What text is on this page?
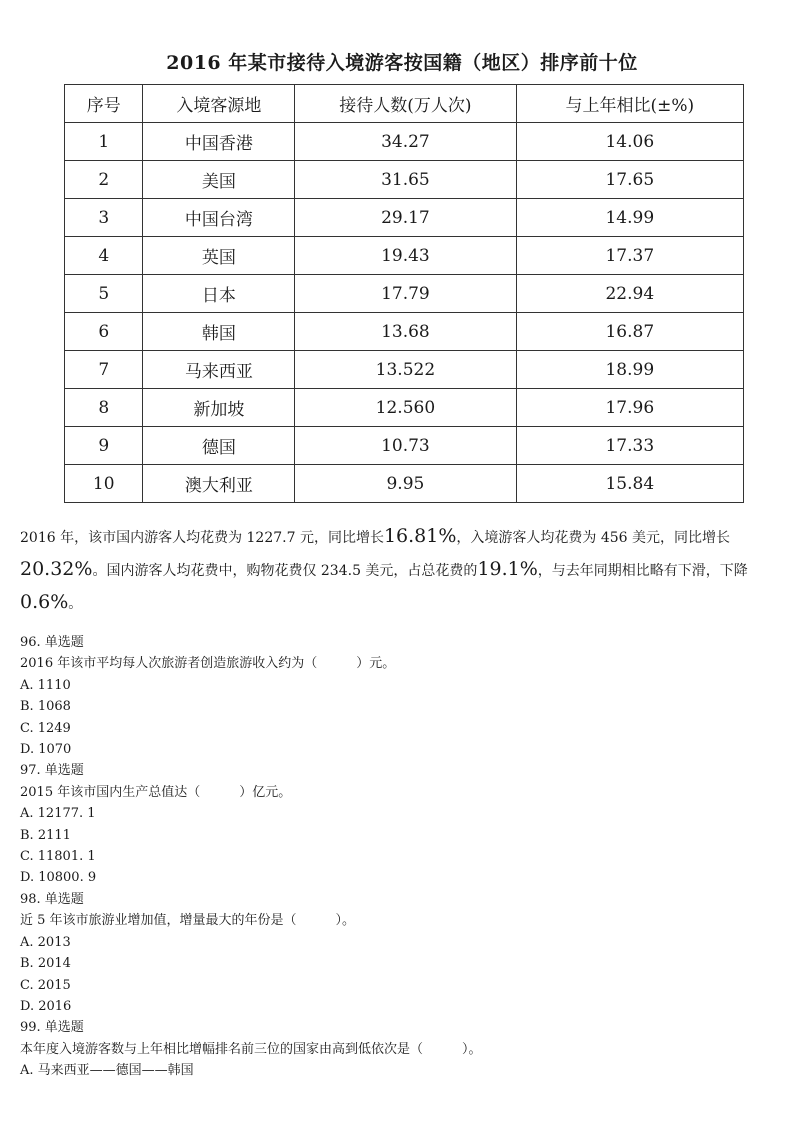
2016 年某市接待入境游客按国籍（地区）排序前十位
序号	入境客源地	接待人数(万人次)	与上年相比(±%)
1	中国香港	34.27	14.06
2	美国	31.65	17.65
3	中国台湾	29.17	14.99
4	英国	19.43	17.37
5	日本	17.79	22.94
6	韩国	13.68	16.87
7	马来西亚	13.522	18.99
8	新加坡	12.560	17.96
9	德国	10.73	17.33
10	澳大利亚	9.95	15.84
2016 年，该市国内游客人均花费为 1227.7 元，同比增长16.81%，入境游客人均花费为 456 美元，同比增长
20.32%。国内游客人均花费中，购物花费仅 234.5 美元，占总花费的19.1%，与去年同期相比略有下滑，下降
0.6%。
96. 单选题
2016 年该市平均每人次旅游者创造旅游收入约为（　　　）元。
A. 1110
B. 1068
C. 1249
D. 1070
97. 单选题
2015 年该市国内生产总值达（　　　）亿元。
A. 12177. 1
B. 2111
C. 11801. 1
D. 10800. 9
98. 单选题
近 5 年该市旅游业增加值，增量最大的年份是（　　　）。
A. 2013
B. 2014
C. 2015
D. 2016
99. 单选题
本年度入境游客数与上年相比增幅排名前三位的国家由高到低依次是（　　　）。
A. 马来西亚——德国——韩国
